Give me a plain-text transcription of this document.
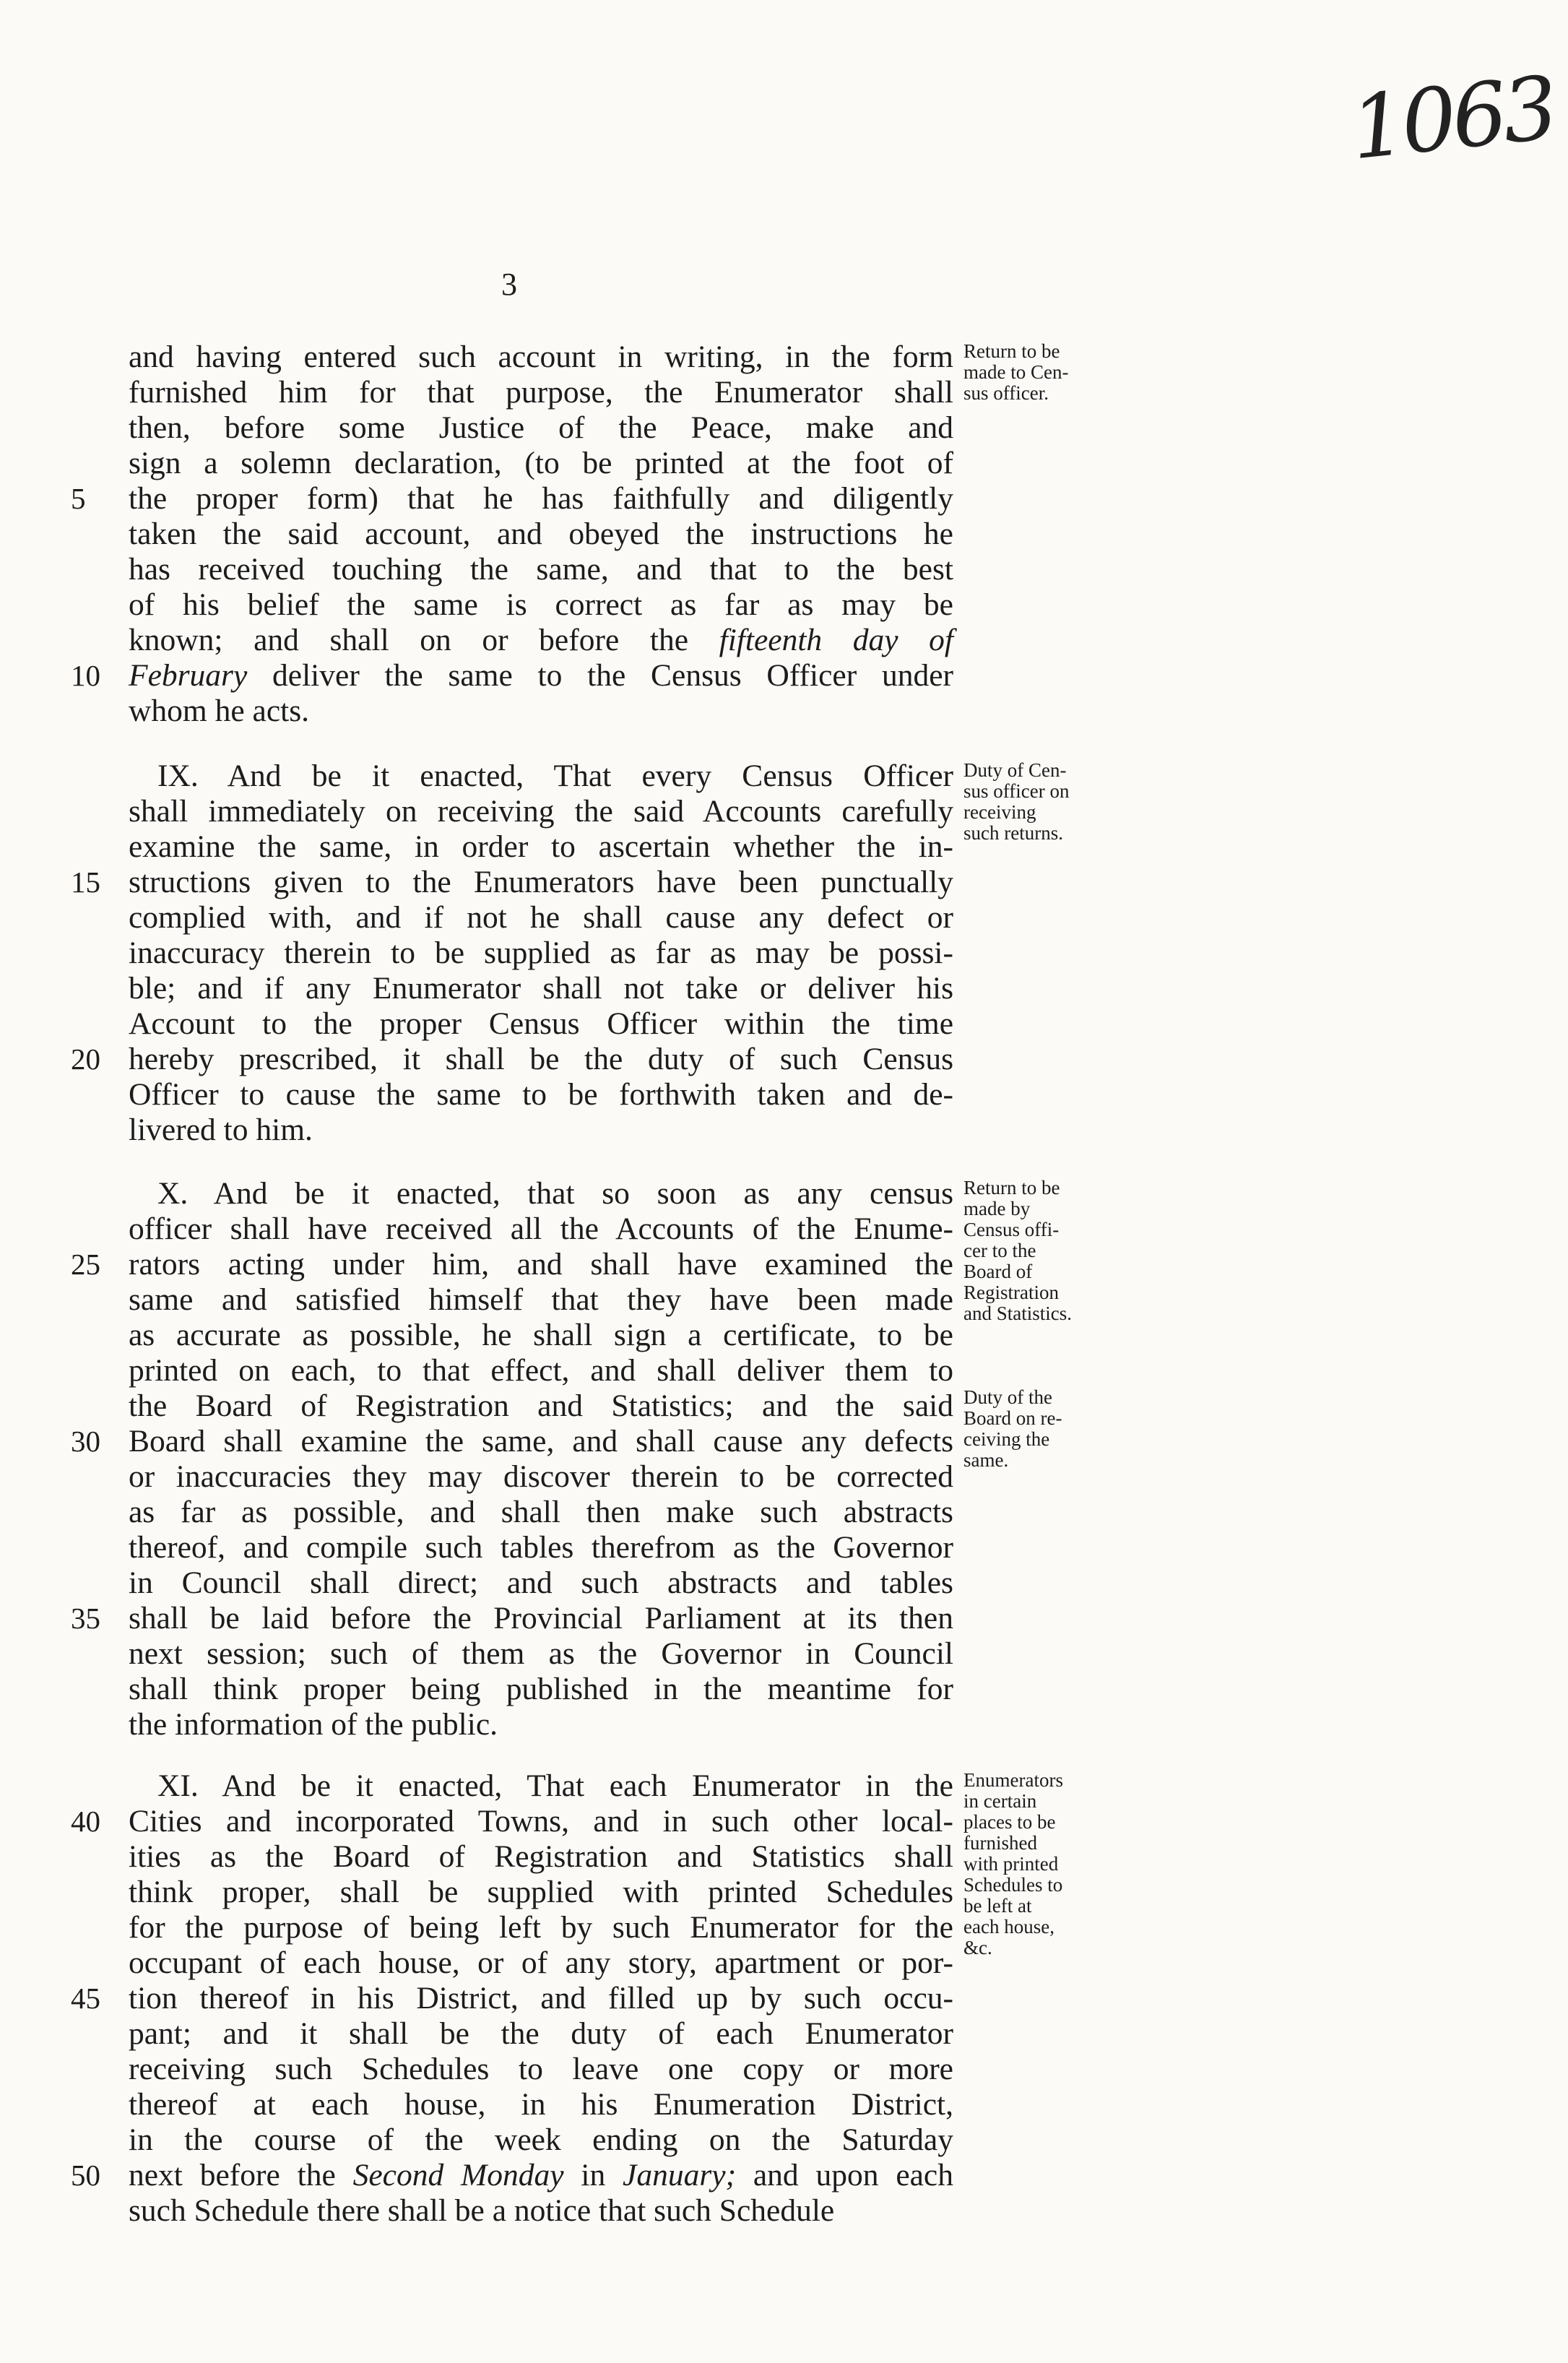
1063
3
and having entered such account in writing, in the form
furnished him for that purpose, the Enumerator shall
then, before some Justice of the Peace, make and
sign a solemn declaration, (to be printed at the foot of
5	the proper form) that he has faithfully and diligently
taken the said account, and obeyed the instructions he
has received touching the same, and that to the best
of his belief the same is correct as far as may be
known; and shall on or before the fifteenth day of
10 February deliver the same to the Census Officer under
whom he acts.
Return to be
made to Cen-
sus officer.
IX. And be it enacted, That every Census Officer
shall immediately on receiving the said Accounts carefully
examine the same, in order to ascertain whether the in-
15 structions given to the Enumerators have been punctually
complied with, and if not he shall cause any defect or
inaccuracy therein to be supplied as far as may be possi-
ble; and if any Enumerator shall not take or deliver his
Account to the proper Census Officer within the time
20 hereby prescribed, it shall be the duty of such Census
Officer to cause the same to be forthwith taken and de-
livered to him.
Duty of Cen-
sus officer on
receiving
such returns.
X. And be it enacted, that so soon as any census
officer shall have received all the Accounts of the Enume-
25 rators acting under him, and shall have examined the
same and satisfied himself that they have been made
as accurate as possible, he shall sign a certificate, to be
printed on each, to that effect, and shall deliver them to
the Board of Registration and Statistics; and the said
30 Board shall examine the same, and shall cause any defects
or inaccuracies they may discover therein to be corrected
as far as possible, and shall then make such abstracts
thereof, and compile such tables therefrom as the Governor
in Council shall direct; and such abstracts and tables
35 shall be laid before the Provincial Parliament at its then
next session; such of them as the Governor in Council
shall think proper being published in the meantime for
the information of the public.
Return to be
made by
Census offi-
cer to the
Board of
Registration
and Statistics.
Duty of the
Board on re-
ceiving the
same.
XI. And be it enacted, That each Enumerator in the
40 Cities and incorporated Towns, and in such other local-
ities as the Board of Registration and Statistics shall
think proper, shall be supplied with printed Schedules
for the purpose of being left by such Enumerator for the
occupant of each house, or of any story, apartment or por-
45 tion thereof in his District, and filled up by such occu-
pant; and it shall be the duty of each Enumerator
receiving such Schedules to leave one copy or more
thereof at each house, in his Enumeration District,
in the course of the week ending on the Saturday
50 next before the Second Monday in January; and upon each
such Schedule there shall be a notice that such Schedule
Enumerators
in certain
places to be
furnished
with printed
Schedules to
be left at
each house,
&c.
